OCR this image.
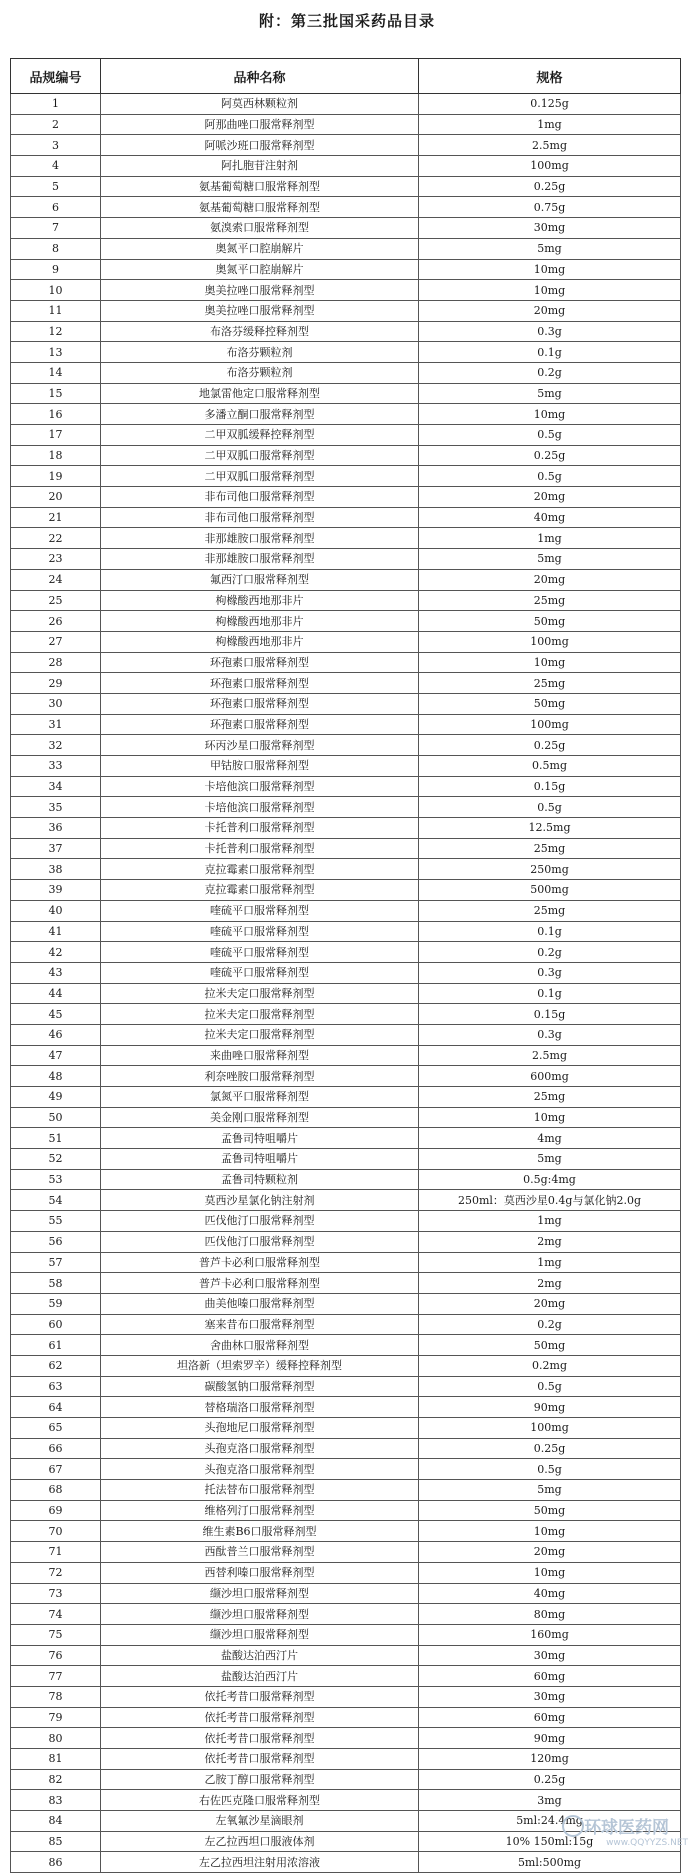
附：第三批国采药品目录
品规编号	品种名称	规格
1	阿莫西林颗粒剂	0.125g
2	阿那曲唑口服常释剂型	1mg
3	阿哌沙班口服常释剂型	2.5mg
4	阿扎胞苷注射剂	100mg
5	氨基葡萄糖口服常释剂型	0.25g
6	氨基葡萄糖口服常释剂型	0.75g
7	氨溴索口服常释剂型	30mg
8	奥氮平口腔崩解片	5mg
9	奥氮平口腔崩解片	10mg
10	奥美拉唑口服常释剂型	10mg
11	奥美拉唑口服常释剂型	20mg
12	布洛芬缓释控释剂型	0.3g
13	布洛芬颗粒剂	0.1g
14	布洛芬颗粒剂	0.2g
15	地氯雷他定口服常释剂型	5mg
16	多潘立酮口服常释剂型	10mg
17	二甲双胍缓释控释剂型	0.5g
18	二甲双胍口服常释剂型	0.25g
19	二甲双胍口服常释剂型	0.5g
20	非布司他口服常释剂型	20mg
21	非布司他口服常释剂型	40mg
22	非那雄胺口服常释剂型	1mg
23	非那雄胺口服常释剂型	5mg
24	氟西汀口服常释剂型	20mg
25	枸橼酸西地那非片	25mg
26	枸橼酸西地那非片	50mg
27	枸橼酸西地那非片	100mg
28	环孢素口服常释剂型	10mg
29	环孢素口服常释剂型	25mg
30	环孢素口服常释剂型	50mg
31	环孢素口服常释剂型	100mg
32	环丙沙星口服常释剂型	0.25g
33	甲钴胺口服常释剂型	0.5mg
34	卡培他滨口服常释剂型	0.15g
35	卡培他滨口服常释剂型	0.5g
36	卡托普利口服常释剂型	12.5mg
37	卡托普利口服常释剂型	25mg
38	克拉霉素口服常释剂型	250mg
39	克拉霉素口服常释剂型	500mg
40	喹硫平口服常释剂型	25mg
41	喹硫平口服常释剂型	0.1g
42	喹硫平口服常释剂型	0.2g
43	喹硫平口服常释剂型	0.3g
44	拉米夫定口服常释剂型	0.1g
45	拉米夫定口服常释剂型	0.15g
46	拉米夫定口服常释剂型	0.3g
47	来曲唑口服常释剂型	2.5mg
48	利奈唑胺口服常释剂型	600mg
49	氯氮平口服常释剂型	25mg
50	美金刚口服常释剂型	10mg
51	孟鲁司特咀嚼片	4mg
52	孟鲁司特咀嚼片	5mg
53	孟鲁司特颗粒剂	0.5g:4mg
54	莫西沙星氯化钠注射剂	250ml：莫西沙星0.4g与氯化钠2.0g
55	匹伐他汀口服常释剂型	1mg
56	匹伐他汀口服常释剂型	2mg
57	普芦卡必利口服常释剂型	1mg
58	普芦卡必利口服常释剂型	2mg
59	曲美他嗪口服常释剂型	20mg
60	塞来昔布口服常释剂型	0.2g
61	舍曲林口服常释剂型	50mg
62	坦洛新（坦索罗辛）缓释控释剂型	0.2mg
63	碳酸氢钠口服常释剂型	0.5g
64	替格瑞洛口服常释剂型	90mg
65	头孢地尼口服常释剂型	100mg
66	头孢克洛口服常释剂型	0.25g
67	头孢克洛口服常释剂型	0.5g
68	托法替布口服常释剂型	5mg
69	维格列汀口服常释剂型	50mg
70	维生素B6口服常释剂型	10mg
71	西酞普兰口服常释剂型	20mg
72	西替利嗪口服常释剂型	10mg
73	缬沙坦口服常释剂型	40mg
74	缬沙坦口服常释剂型	80mg
75	缬沙坦口服常释剂型	160mg
76	盐酸达泊西汀片	30mg
77	盐酸达泊西汀片	60mg
78	依托考昔口服常释剂型	30mg
79	依托考昔口服常释剂型	60mg
80	依托考昔口服常释剂型	90mg
81	依托考昔口服常释剂型	120mg
82	乙胺丁醇口服常释剂型	0.25g
83	右佐匹克隆口服常释剂型	3mg
84	左氧氟沙星滴眼剂	5ml:24.4mg
85	左乙拉西坦口服液体剂	10% 150ml:15g
86	左乙拉西坦注射用浓溶液	5ml:500mg
环球医药网
www.QQYYZS.NET
